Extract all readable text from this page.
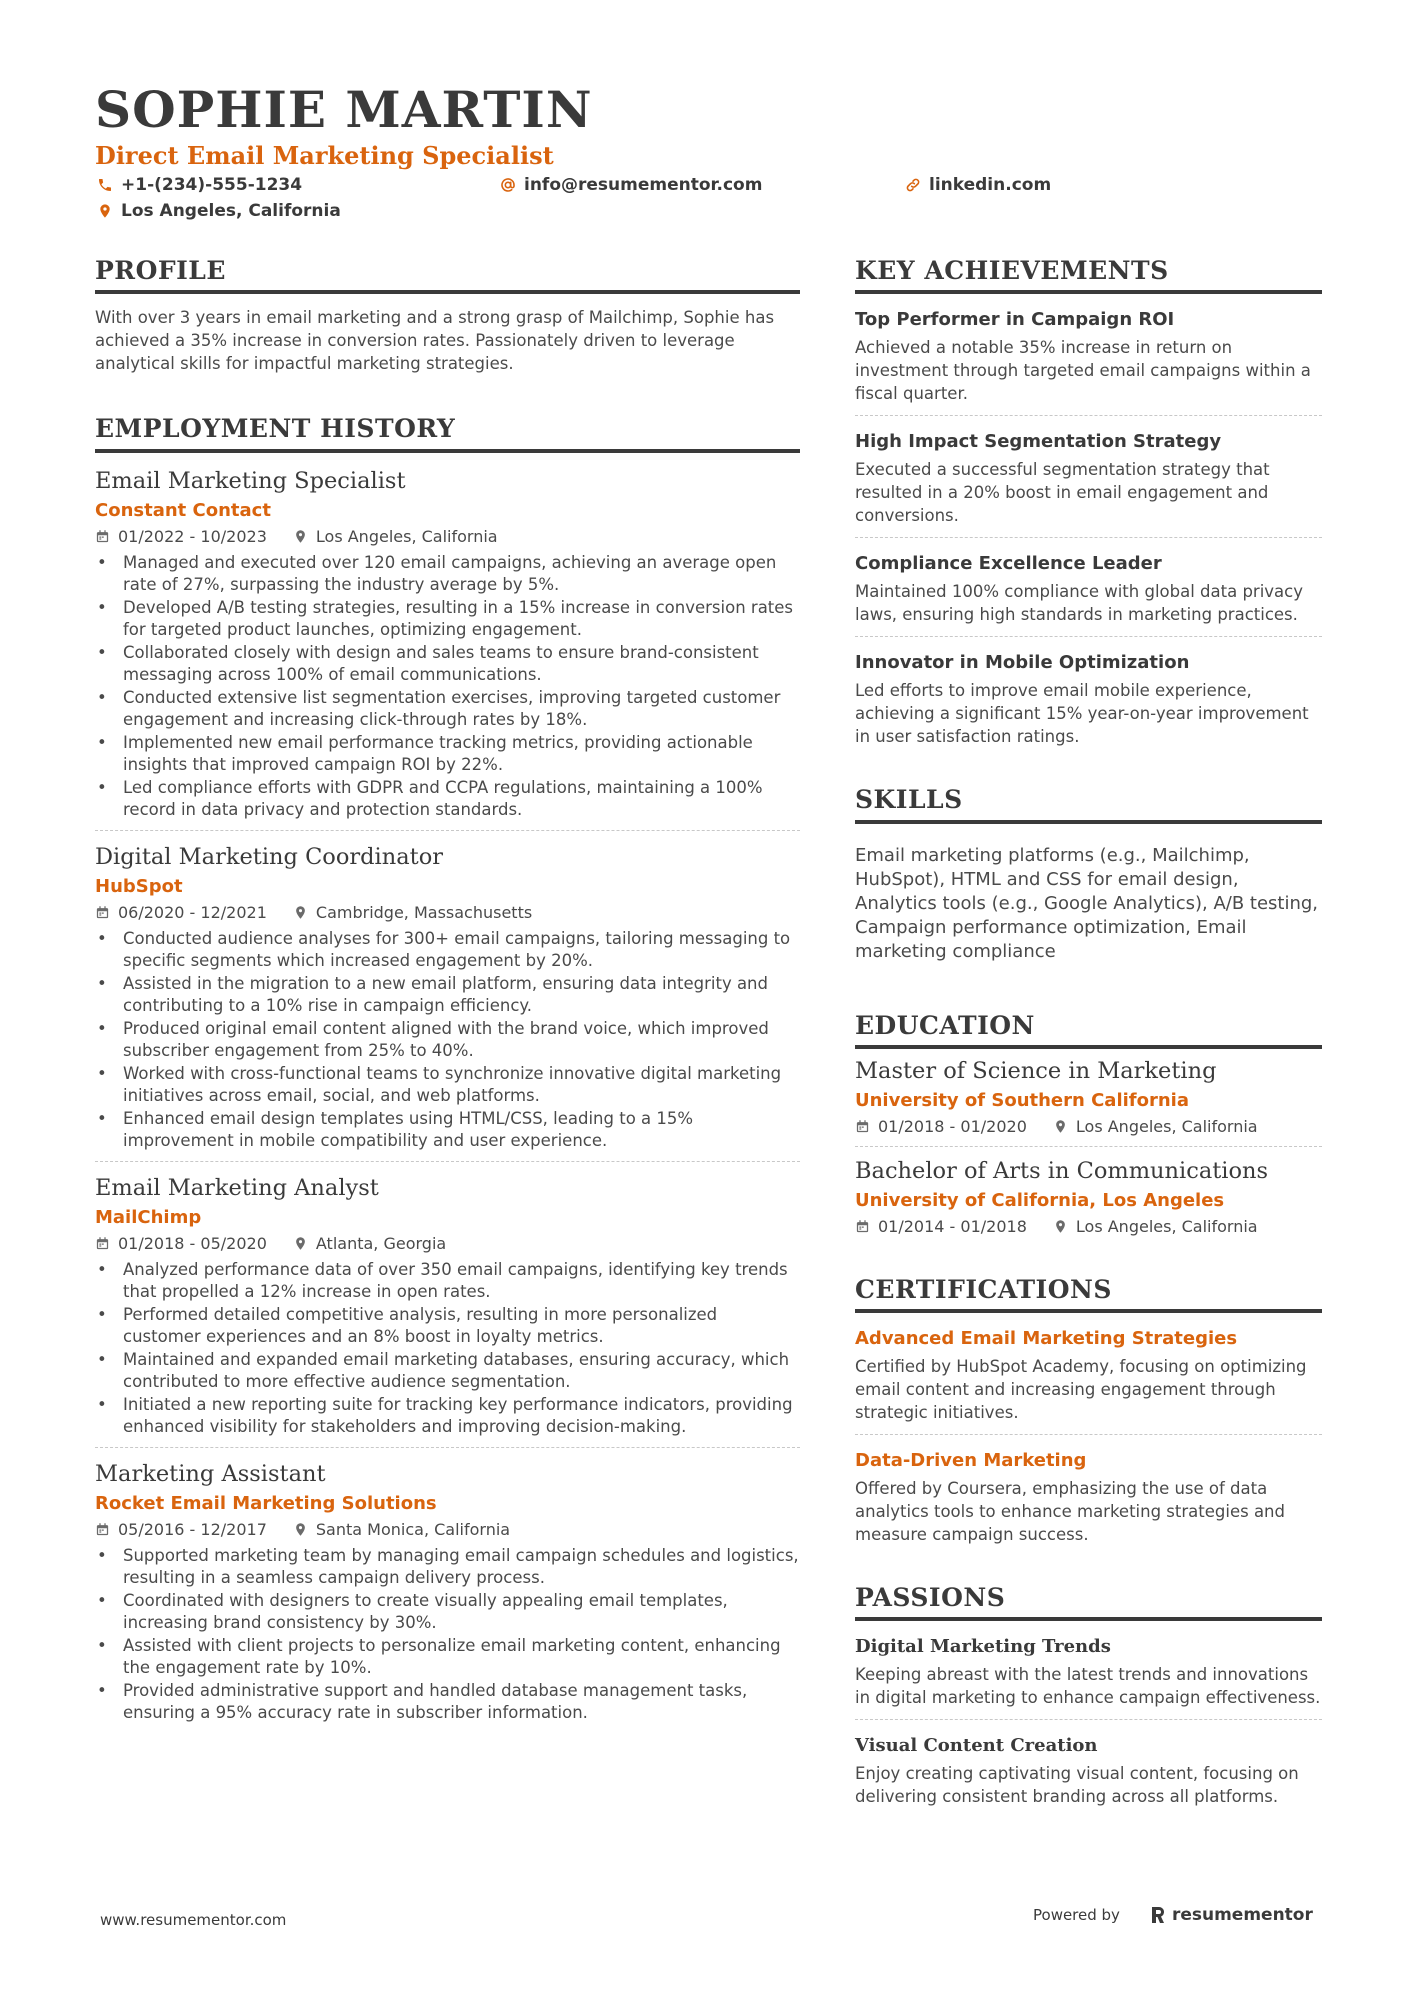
SOPHIE MARTIN
Direct Email Marketing Specialist
+1-(234)-555-1234	info@resumementor.com	linkedin.com
Los Angeles, California
PROFILE

With over 3 years in email marketing and a strong grasp of Mailchimp, Sophie has achieved a 35% increase in conversion rates. Passionately driven to leverage analytical skills for impactful marketing strategies.

EMPLOYMENT HISTORY
Email Marketing Specialist
Constant Contact
01/2022 - 10/2023	Los Angeles, California
• Managed and executed over 120 email campaigns, achieving an average open rate of 27%, surpassing the industry average by 5%.
• Developed A/B testing strategies, resulting in a 15% increase in conversion rates for targeted product launches, optimizing engagement.
• Collaborated closely with design and sales teams to ensure brand-consistent messaging across 100% of email communications.
• Conducted extensive list segmentation exercises, improving targeted customer engagement and increasing click-through rates by 18%.
• Implemented new email performance tracking metrics, providing actionable insights that improved campaign ROI by 22%.
• Led compliance efforts with GDPR and CCPA regulations, maintaining a 100% record in data privacy and protection standards.
Digital Marketing Coordinator
HubSpot
06/2020 - 12/2021	Cambridge, Massachusetts
• Conducted audience analyses for 300+ email campaigns, tailoring messaging to specific segments which increased engagement by 20%.
• Assisted in the migration to a new email platform, ensuring data integrity and contributing to a 10% rise in campaign efficiency.
• Produced original email content aligned with the brand voice, which improved subscriber engagement from 25% to 40%.
• Worked with cross-functional teams to synchronize innovative digital marketing initiatives across email, social, and web platforms.
• Enhanced email design templates using HTML/CSS, leading to a 15% improvement in mobile compatibility and user experience.
Email Marketing Analyst
MailChimp
01/2018 - 05/2020	Atlanta, Georgia
• Analyzed performance data of over 350 email campaigns, identifying key trends that propelled a 12% increase in open rates.
• Performed detailed competitive analysis, resulting in more personalized customer experiences and an 8% boost in loyalty metrics.
• Maintained and expanded email marketing databases, ensuring accuracy, which contributed to more effective audience segmentation.
• Initiated a new reporting suite for tracking key performance indicators, providing enhanced visibility for stakeholders and improving decision-making.
Marketing Assistant
Rocket Email Marketing Solutions
05/2016 - 12/2017	Santa Monica, California
• Supported marketing team by managing email campaign schedules and logistics, resulting in a seamless campaign delivery process.
• Coordinated with designers to create visually appealing email templates, increasing brand consistency by 30%.
• Assisted with client projects to personalize email marketing content, enhancing the engagement rate by 10%.
• Provided administrative support and handled database management tasks, ensuring a 95% accuracy rate in subscriber information.
KEY ACHIEVEMENTS
Top Performer in Campaign ROI

Achieved a notable 35% increase in return on investment through targeted email campaigns within a fiscal quarter.

High Impact Segmentation Strategy

Executed a successful segmentation strategy that resulted in a 20% boost in email engagement and conversions.

Compliance Excellence Leader

Maintained 100% compliance with global data privacy laws, ensuring high standards in marketing practices.

Innovator in Mobile Optimization

Led efforts to improve email mobile experience, achieving a significant 15% year-on-year improvement in user satisfaction ratings.

SKILLS

Email marketing platforms (e.g., Mailchimp, HubSpot), HTML and CSS for email design, Analytics tools (e.g., Google Analytics), A/B testing, Campaign performance optimization, Email marketing compliance

EDUCATION
Master of Science in Marketing
University of Southern California
01/2018 - 01/2020	Los Angeles, California
Bachelor of Arts in Communications
University of California, Los Angeles
01/2014 - 01/2018	Los Angeles, California
CERTIFICATIONS
Advanced Email Marketing Strategies

Certified by HubSpot Academy, focusing on optimizing email content and increasing engagement through strategic initiatives.

Data-Driven Marketing

Offered by Coursera, emphasizing the use of data analytics tools to enhance marketing strategies and measure campaign success.

PASSIONS
Digital Marketing Trends

Keeping abreast with the latest trends and innovations in digital marketing to enhance campaign effectiveness.

Visual Content Creation

Enjoy creating captivating visual content, focusing on delivering consistent branding across all platforms.

www.resumementor.com	Powered by	resumementor
